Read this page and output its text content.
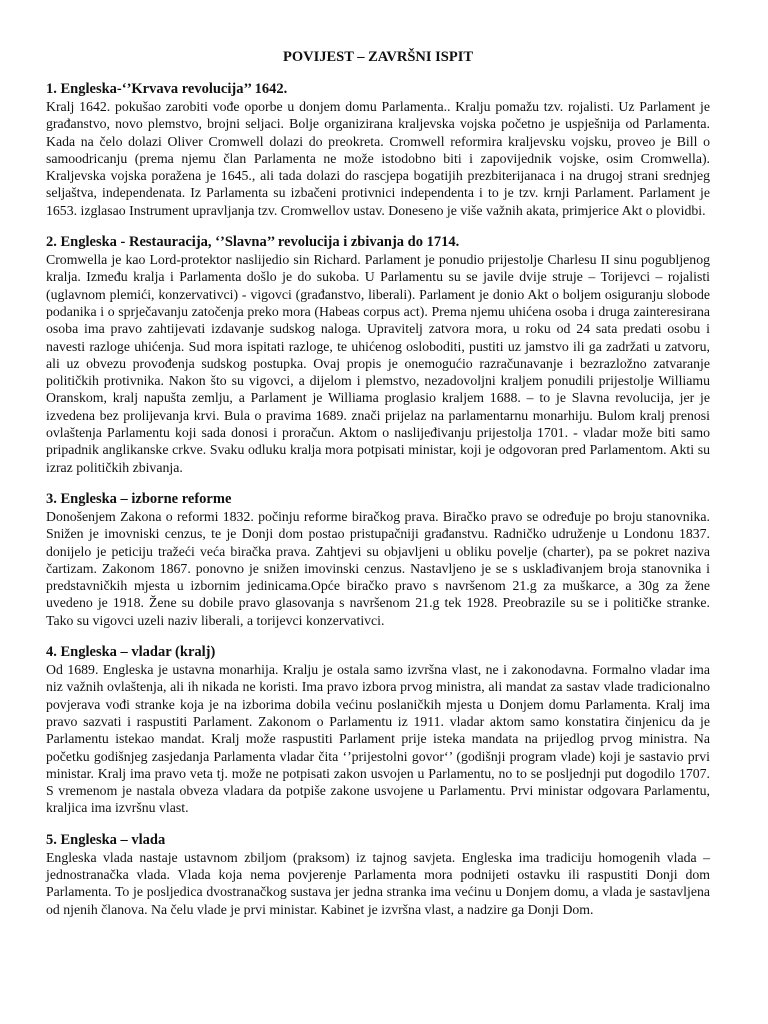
POVIJEST – ZAVRŠNI ISPIT
1. Engleska-‘’Krvava revolucija’’ 1642.

Kralj 1642. pokušao zarobiti vođe oporbe u donjem domu Parlamenta.. Kralju pomažu tzv. rojalisti. Uz Parlament je građanstvo, novo plemstvo, brojni seljaci. Bolje organizirana kraljevska vojska početno je uspješnija od Parlamenta. Kada na čelo dolazi Oliver Cromwell dolazi do preokreta. Cromwell reformira kraljevsku vojsku, proveo je Bill o samoodricanju (prema njemu član Parlamenta ne može istodobno biti i zapovijednik vojske, osim Cromwella). Kraljevska vojska poražena je 1645., ali tada dolazi do rascjepa bogatijih prezbiterijanaca i na drugoj strani srednjeg seljaštva, independenata. Iz Parlamenta su izbačeni protivnici independenta i to je tzv. krnji Parlament. Parlament je 1653. izglasao Instrument upravljanja tzv. Cromwellov ustav. Doneseno je više važnih akata, primjerice Akt o plovidbi.

2. Engleska - Restauracija, ‘’Slavna’’ revolucija i zbivanja do 1714.

Cromwella je kao Lord-protektor naslijedio sin Richard. Parlament je ponudio prijestolje Charlesu II sinu pogubljenog kralja. Između kralja i Parlamenta došlo je do sukoba. U Parlamentu su se javile dvije struje – Torijevci – rojalisti (uglavnom plemići, konzervativci) - vigovci (građanstvo, liberali). Parlament je donio Akt o boljem osiguranju slobode podanika i o sprječavanju zatočenja preko mora (Habeas corpus act). Prema njemu uhićena osoba i druga zainteresirana osoba ima pravo zahtijevati izdavanje sudskog naloga. Upravitelj zatvora mora, u roku od 24 sata predati osobu i navesti razloge uhićenja. Sud mora ispitati razloge, te uhićenog osloboditi, pustiti uz jamstvo ili ga zadržati u zatvoru, ali uz obvezu provođenja sudskog postupka. Ovaj propis je onemogućio razračunavanje i bezrazložno zatvaranje političkih protivnika. Nakon što su vigovci, a dijelom i plemstvo, nezadovoljni kraljem ponudili prijestolje Williamu Oranskom, kralj napušta zemlju, a Parlament je Williama proglasio kraljem 1688. – to je Slavna revolucija, jer je izvedena bez prolijevanja krvi. Bula o pravima 1689. znači prijelaz na parlamentarnu monarhiju. Bulom kralj prenosi ovlaštenja Parlamentu koji sada donosi i proračun. Aktom o naslijeđivanju prijestolja 1701. - vladar može biti samo pripadnik anglikanske crkve. Svaku odluku kralja mora potpisati ministar, koji je odgovoran pred Parlamentom. Akti su izraz političkih zbivanja.

3. Engleska – izborne reforme

Donošenjem Zakona o reformi 1832. počinju reforme biračkog prava. Biračko pravo se određuje po broju stanovnika. Snižen je imovniski cenzus, te je Donji dom postao pristupačniji građanstvu. Radničko udruženje u Londonu 1837. donijelo je peticiju tražeći veća biračka prava. Zahtjevi su objavljeni u obliku povelje (charter), pa se pokret naziva čartizam. Zakonom 1867. ponovno je snižen imovinski cenzus. Nastavljeno je se s usklađivanjem broja stanovnika i predstavničkih mjesta u izbornim jedinicama.Opće biračko pravo s navršenom 21.g za muškarce, a 30g za žene uvedeno je 1918. Žene su dobile pravo glasovanja s navršenom 21.g tek 1928. Preobrazile su se i političke stranke. Tako su vigovci uzeli naziv liberali, a torijevci konzervativci.

4. Engleska – vladar (kralj)

Od 1689. Engleska je ustavna monarhija. Kralju je ostala samo izvršna vlast, ne i zakonodavna. Formalno vladar ima niz važnih ovlaštenja, ali ih nikada ne koristi. Ima pravo izbora prvog ministra, ali mandat za sastav vlade tradicionalno povjerava vođi stranke koja je na izborima dobila većinu poslaničkih mjesta u Donjem domu Parlamenta. Kralj ima pravo sazvati i raspustiti Parlament. Zakonom o Parlamentu iz 1911. vladar aktom samo konstatira činjenicu da je Parlamentu istekao mandat. Kralj može raspustiti Parlament prije isteka mandata na prijedlog prvog ministra. Na početku godišnjeg zasjedanja Parlamenta vladar čita ‘’prijestolni govor‘’ (godišnji program vlade) koji je sastavio prvi ministar. Kralj ima pravo veta tj. može ne potpisati zakon usvojen u Parlamentu, no to se posljednji put dogodilo 1707. S vremenom je nastala obveza vladara da potpiše zakone usvojene u Parlamentu. Prvi ministar odgovara Parlamentu, kraljica ima izvršnu vlast.

5. Engleska – vlada

Engleska vlada nastaje ustavnom zbiljom (praksom) iz tajnog savjeta. Engleska ima tradiciju homogenih vlada – jednostranačka vlada. Vlada koja nema povjerenje Parlamenta mora podnijeti ostavku ili raspustiti Donji dom Parlamenta. To je posljedica dvostranačkog sustava jer jedna stranka ima većinu u Donjem domu, a vlada je sastavljena od njenih članova. Na čelu vlade je prvi ministar. Kabinet je izvršna vlast, a nadzire ga Donji Dom.
